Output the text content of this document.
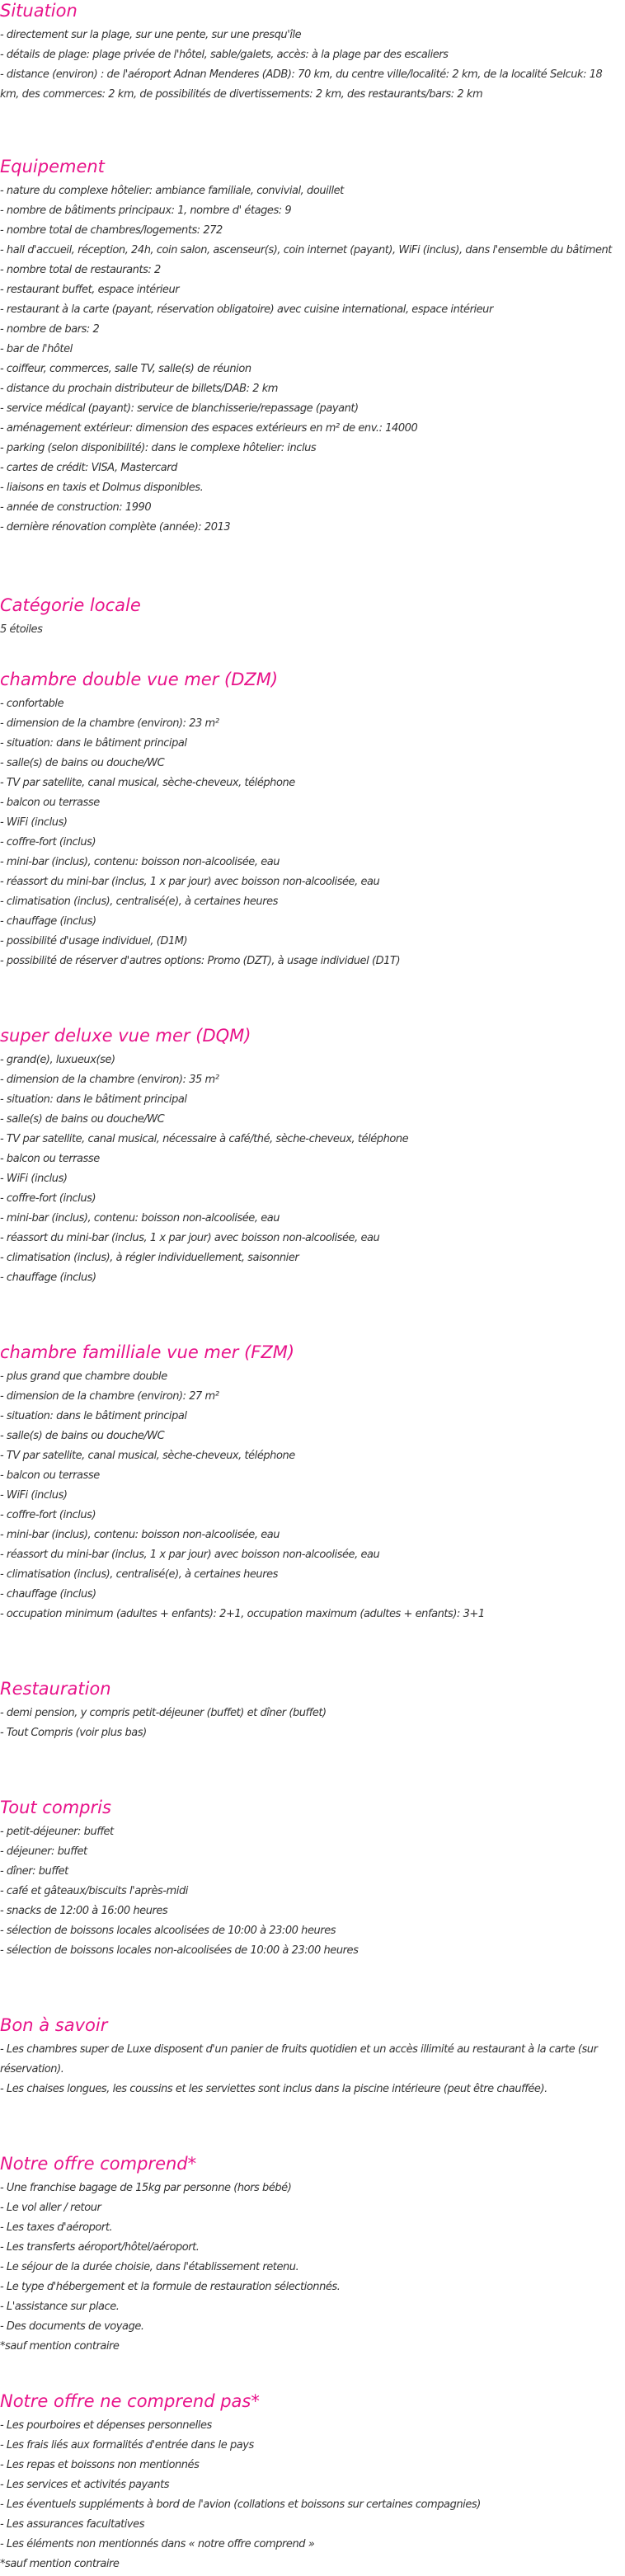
Situation
- directement sur la plage, sur une pente, sur une presqu'île
- détails de plage: plage privée de l'hôtel, sable/galets, accès: à la plage par des escaliers
- distance (environ) : de l'aéroport Adnan Menderes (ADB): 70 km, du centre ville/localité: 2 km, de la localité Selcuk: 18 km, des commerces: 2 km, de possibilités de divertissements: 2 km, des restaurants/bars: 2 km
Equipement
- nature du complexe hôtelier: ambiance familiale, convivial, douillet
- nombre de bâtiments principaux: 1, nombre d' étages: 9
- nombre total de chambres/logements: 272
- hall d'accueil, réception, 24h, coin salon, ascenseur(s), coin internet (payant), WiFi (inclus), dans l'ensemble du bâtiment
- nombre total de restaurants: 2
- restaurant buffet, espace intérieur
- restaurant à la carte (payant, réservation obligatoire) avec cuisine international, espace intérieur
- nombre de bars: 2
- bar de l'hôtel
- coiffeur, commerces, salle TV, salle(s) de réunion
- distance du prochain distributeur de billets/DAB: 2 km
- service médical (payant): service de blanchisserie/repassage (payant)
- aménagement extérieur: dimension des espaces extérieurs en m² de env.: 14000
- parking (selon disponibilité): dans le complexe hôtelier: inclus
- cartes de crédit: VISA, Mastercard
- liaisons en taxis et Dolmus disponibles.
- année de construction: 1990
- dernière rénovation complète (année): 2013
Catégorie locale

5 étoiles

chambre double vue mer (DZM)
- confortable
- dimension de la chambre (environ): 23 m²
- situation: dans le bâtiment principal
- salle(s) de bains ou douche/WC
- TV par satellite, canal musical, sèche-cheveux, téléphone
- balcon ou terrasse
- WiFi (inclus)
- coffre-fort (inclus)
- mini-bar (inclus), contenu: boisson non-alcoolisée, eau
- réassort du mini-bar (inclus, 1 x par jour) avec boisson non-alcoolisée, eau
- climatisation (inclus), centralisé(e), à certaines heures
- chauffage (inclus)
- possibilité d'usage individuel, (D1M)
- possibilité de réserver d'autres options: Promo (DZT), à usage individuel (D1T)
super deluxe vue mer (DQM)
- grand(e), luxueux(se)
- dimension de la chambre (environ): 35 m²
- situation: dans le bâtiment principal
- salle(s) de bains ou douche/WC
- TV par satellite, canal musical, nécessaire à café/thé, sèche-cheveux, téléphone
- balcon ou terrasse
- WiFi (inclus)
- coffre-fort (inclus)
- mini-bar (inclus), contenu: boisson non-alcoolisée, eau
- réassort du mini-bar (inclus, 1 x par jour) avec boisson non-alcoolisée, eau
- climatisation (inclus), à régler individuellement, saisonnier
- chauffage (inclus)
chambre familliale vue mer (FZM)
- plus grand que chambre double
- dimension de la chambre (environ): 27 m²
- situation: dans le bâtiment principal
- salle(s) de bains ou douche/WC
- TV par satellite, canal musical, sèche-cheveux, téléphone
- balcon ou terrasse
- WiFi (inclus)
- coffre-fort (inclus)
- mini-bar (inclus), contenu: boisson non-alcoolisée, eau
- réassort du mini-bar (inclus, 1 x par jour) avec boisson non-alcoolisée, eau
- climatisation (inclus), centralisé(e), à certaines heures
- chauffage (inclus)
- occupation minimum (adultes + enfants): 2+1, occupation maximum (adultes + enfants): 3+1
Restauration
- demi pension, y compris petit-déjeuner (buffet) et dîner (buffet)
- Tout Compris (voir plus bas)
Tout compris
- petit-déjeuner: buffet
- déjeuner: buffet
- dîner: buffet
- café et gâteaux/biscuits l'après-midi
- snacks de 12:00 à 16:00 heures
- sélection de boissons locales alcoolisées de 10:00 à 23:00 heures
- sélection de boissons locales non-alcoolisées de 10:00 à 23:00 heures
Bon à savoir
- Les chambres super de Luxe disposent d'un panier de fruits quotidien et un accès illimité au restaurant à la carte (sur réservation).
- Les chaises longues, les coussins et les serviettes sont inclus dans la piscine intérieure (peut être chauffée).
Notre offre comprend*
- Une franchise bagage de 15kg par personne (hors bébé)
- Le vol aller / retour
- Les taxes d'aéroport.
- Les transferts aéroport/hôtel/aéroport.
- Le séjour de la durée choisie, dans l'établissement retenu.
- Le type d'hébergement et la formule de restauration sélectionnés.
- L'assistance sur place.
- Des documents de voyage.
*sauf mention contraire
Notre offre ne comprend pas*
- Les pourboires et dépenses personnelles
- Les frais liés aux formalités d'entrée dans le pays
- Les repas et boissons non mentionnés
- Les services et activités payants
- Les éventuels suppléments à bord de l'avion (collations et boissons sur certaines compagnies)
- Les assurances facultatives
- Les éléments non mentionnés dans « notre offre comprend »
*sauf mention contraire
